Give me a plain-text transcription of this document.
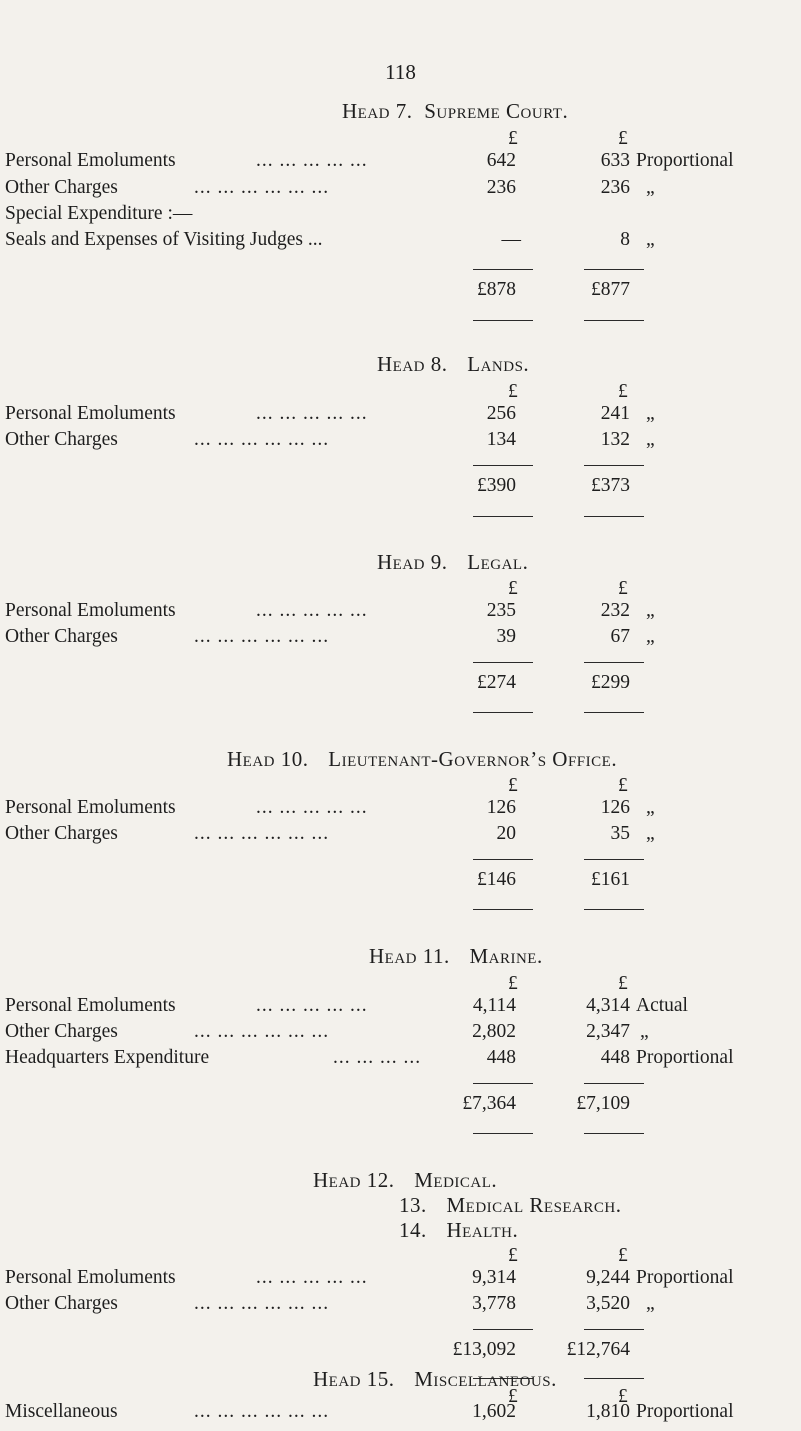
118
Head 7. Supreme Court.
£	£
Personal Emoluments	... ... ... ... ...	642	633 Proportional
Other Charges	... ... ... ... ... ...	236	236 „
Special Expenditure :—
Seals and Expenses of Visiting Judges ...	—	8 „
£878	£877
Head 8. Lands.
£	£
Personal Emoluments	... ... ... ... ...	256	241 „
Other Charges	... ... ... ... ... ...	134	132 „
£390	£373
Head 9. Legal.
£	£
Personal Emoluments	... ... ... ... ...	235	232 „
Other Charges	... ... ... ... ... ...	39	67 „
£274	£299
Head 10. Lieutenant-Governor’s Office.
£	£
Personal Emoluments	... ... ... ... ...	126	126 „
Other Charges	... ... ... ... ... ...	20	35 „
£146	£161
Head 11. Marine.
£	£
Personal Emoluments	... ... ... ... ...	4,114	4,314 Actual
Other Charges	... ... ... ... ... ...	2,802	2,347 „
Headquarters Expenditure	... ... ... ...	448	448 Proportional
£7,364	£7,109
Head 12. Medical.
13. Medical Research.
14. Health.
£	£
Personal Emoluments	... ... ... ... ...	9,314	9,244 Proportional
Other Charges	... ... ... ... ... ...	3,778	3,520 „
£13,092	£12,764
Head 15. Miscellaneous.
£	£
Miscellaneous	... ... ... ... ... ...	1,602	1,810 Proportional
